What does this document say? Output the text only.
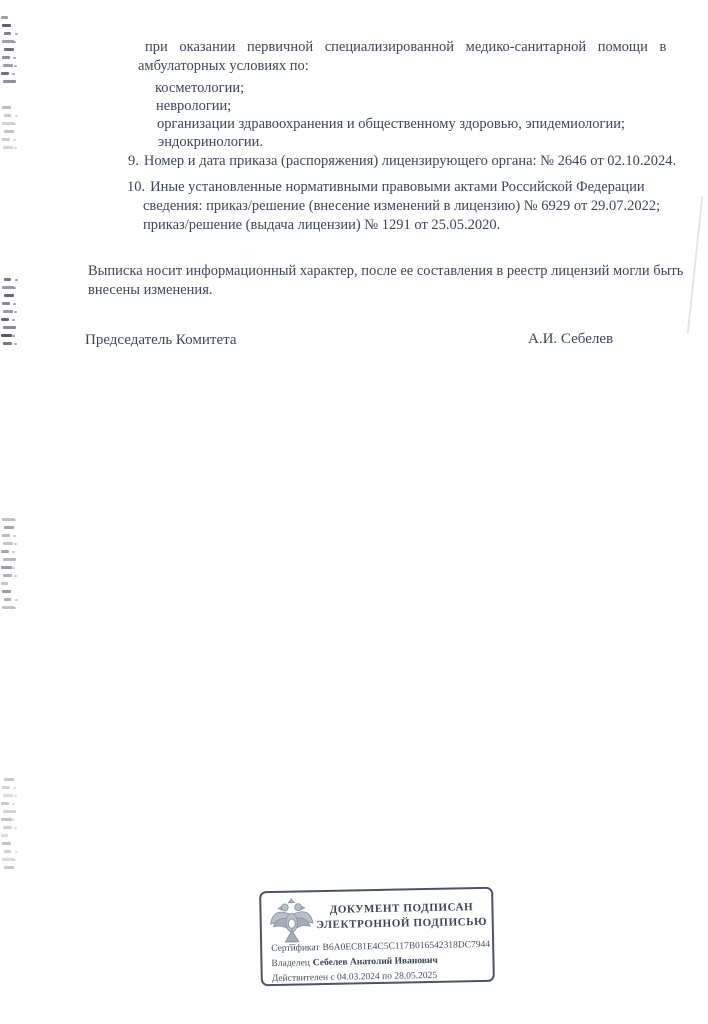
при оказании первичной специализированной медико-санитарной помощи в
амбулаторных условиях по:
косметологии;
неврологии;
организации здравоохранения и общественному здоровью, эпидемиологии;
эндокринологии.
9. Номер и дата приказа (распоряжения) лицензирующего органа: № 2646 от 02.10.2024.
10. Иные установленные нормативными правовыми актами Российской Федерации
сведения: приказ/решение (внесение изменений в лицензию) № 6929 от 29.07.2022;
приказ/решение (выдача лицензии) № 1291 от 25.05.2020.
Выписка носит информационный характер, после ее составления в реестр лицензий могли быть
внесены изменения.
Председатель Комитета	А.И. Себелев
ДОКУМЕНТ ПОДПИСАН
ЭЛЕКТРОННОЙ ПОДПИСЬЮ
Сертификат B6A0EC81E4C5C117B016542318DC7944
Владелец Себелев Анатолий Иванович
Действителен с 04.03.2024 по 28.05.2025
